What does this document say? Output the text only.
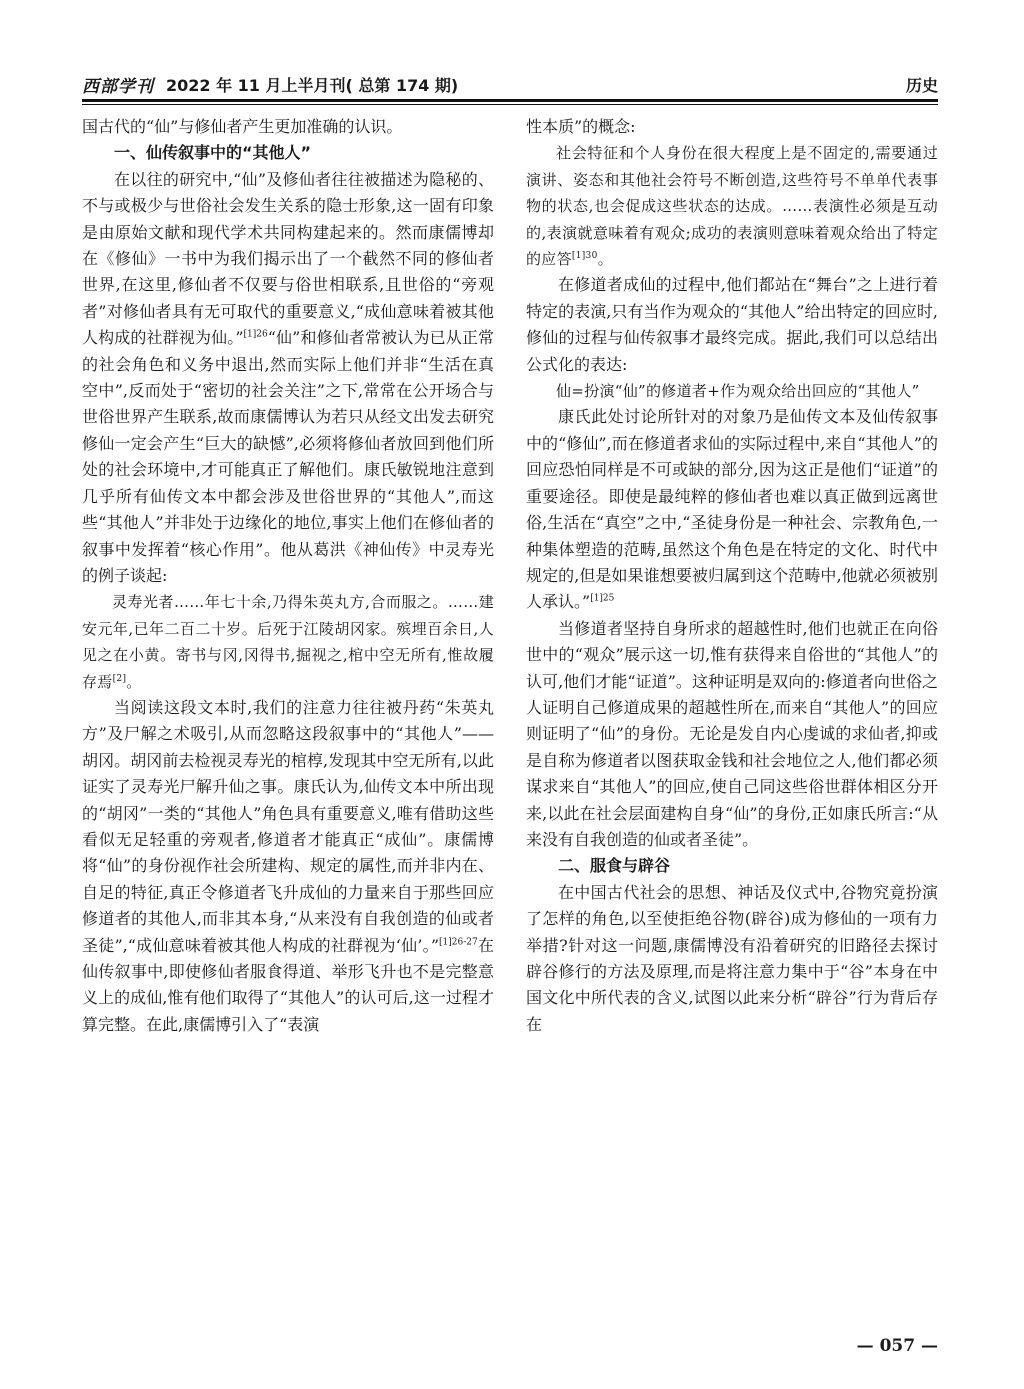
西部学刊 2022 年 11 月上半月刊( 总第 174 期)	历史

国古代的“仙”与修仙者产生更加准确的认识。

一、仙传叙事中的“其他人”

在以往的研究中,“仙”及修仙者往往被描述为隐秘的、不与或极少与世俗社会发生关系的隐士形象,这一固有印象是由原始文献和现代学术共同构建起来的。然而康儒博却在《修仙》一书中为我们揭示出了一个截然不同的修仙者世界,在这里,修仙者不仅要与俗世相联系,且世俗的“旁观者”对修仙者具有无可取代的重要意义,“成仙意味着被其他人构成的社群视为仙。”$^{[1]26}$“仙”和修仙者常被认为已从正常的社会角色和义务中退出,然而实际上他们并非“生活在真空中”,反而处于“密切的社会关注”之下,常常在公开场合与世俗世界产生联系,故而康儒博认为若只从经文出发去研究修仙一定会产生“巨大的缺憾”,必须将修仙者放回到他们所处的社会环境中,才可能真正了解他们。康氏敏锐地注意到几乎所有仙传文本中都会涉及世俗世界的“其他人”,而这些“其他人”并非处于边缘化的地位,事实上他们在修仙者的叙事中发挥着“核心作用”。他从葛洪《神仙传》中灵寿光的例子谈起:

灵寿光者……年七十余,乃得朱英丸方,合而服之。……建安元年,已年二百二十岁。后死于江陵胡冈家。殡埋百余日,人见之在小黄。寄书与冈,冈得书,掘视之,棺中空无所有,惟故履存焉[2]。

当阅读这段文本时,我们的注意力往往被丹药“朱英丸方”及尸解之术吸引,从而忽略这段叙事中的“其他人”——胡冈。胡冈前去检视灵寿光的棺椁,发现其中空无所有,以此证实了灵寿光尸解升仙之事。康氏认为,仙传文本中所出现的“胡冈”一类的“其他人”角色具有重要意义,唯有借助这些看似无足轻重的旁观者,修道者才能真正“成仙”。康儒博将“仙”的身份视作社会所建构、规定的属性,而并非内在、自足的特征,真正令修道者飞升成仙的力量来自于那些回应修道者的其他人,而非其本身,“从来没有自我创造的仙或者圣徒”,“成仙意味着被其他人构成的社群视为‘仙’。”$^{[1]26-27}$在仙传叙事中,即使修仙者服食得道、举形飞升也不是完整意义上的成仙,惟有他们取得了“其他人”的认可后,这一过程才算完整。在此,康儒博引入了“表演

性本质”的概念:

社会特征和个人身份在很大程度上是不固定的,需要通过演讲、姿态和其他社会符号不断创造,这些符号不单单代表事物的状态,也会促成这些状态的达成。……表演性必须是互动的,表演就意味着有观众;成功的表演则意味着观众给出了特定的应答$^{[1]30}$。

在修道者成仙的过程中,他们都站在“舞台”之上进行着特定的表演,只有当作为观众的“其他人”给出特定的回应时,修仙的过程与仙传叙事才最终完成。据此,我们可以总结出公式化的表达:

仙=扮演“仙”的修道者+作为观众给出回应的“其他人”

康氏此处讨论所针对的对象乃是仙传文本及仙传叙事中的“修仙”,而在修道者求仙的实际过程中,来自“其他人”的回应恐怕同样是不可或缺的部分,因为这正是他们“证道”的重要途径。即使是最纯粹的修仙者也难以真正做到远离世俗,生活在“真空”之中,“圣徒身份是一种社会、宗教角色,一种集体塑造的范畴,虽然这个角色是在特定的文化、时代中规定的,但是如果谁想要被归属到这个范畴中,他就必须被别人承认。”$^{[1]25}$

当修道者坚持自身所求的超越性时,他们也就正在向俗世中的“观众”展示这一切,惟有获得来自俗世的“其他人”的认可,他们才能“证道”。这种证明是双向的:修道者向世俗之人证明自己修道成果的超越性所在,而来自“其他人”的回应则证明了“仙”的身份。无论是发自内心虔诚的求仙者,抑或是自称为修道者以图获取金钱和社会地位之人,他们都必须谋求来自“其他人”的回应,使自己同这些俗世群体相区分开来,以此在社会层面建构自身“仙”的身份,正如康氏所言:“从来没有自我创造的仙或者圣徒”。

二、服食与辟谷

在中国古代社会的思想、神话及仪式中,谷物究竟扮演了怎样的角色,以至使拒绝谷物(辟谷)成为修仙的一项有力举措?针对这一问题,康儒博没有沿着研究的旧路径去探讨辟谷修行的方法及原理,而是将注意力集中于“谷”本身在中国文化中所代表的含义,试图以此来分析“辟谷”行为背后存在

— 057 —
